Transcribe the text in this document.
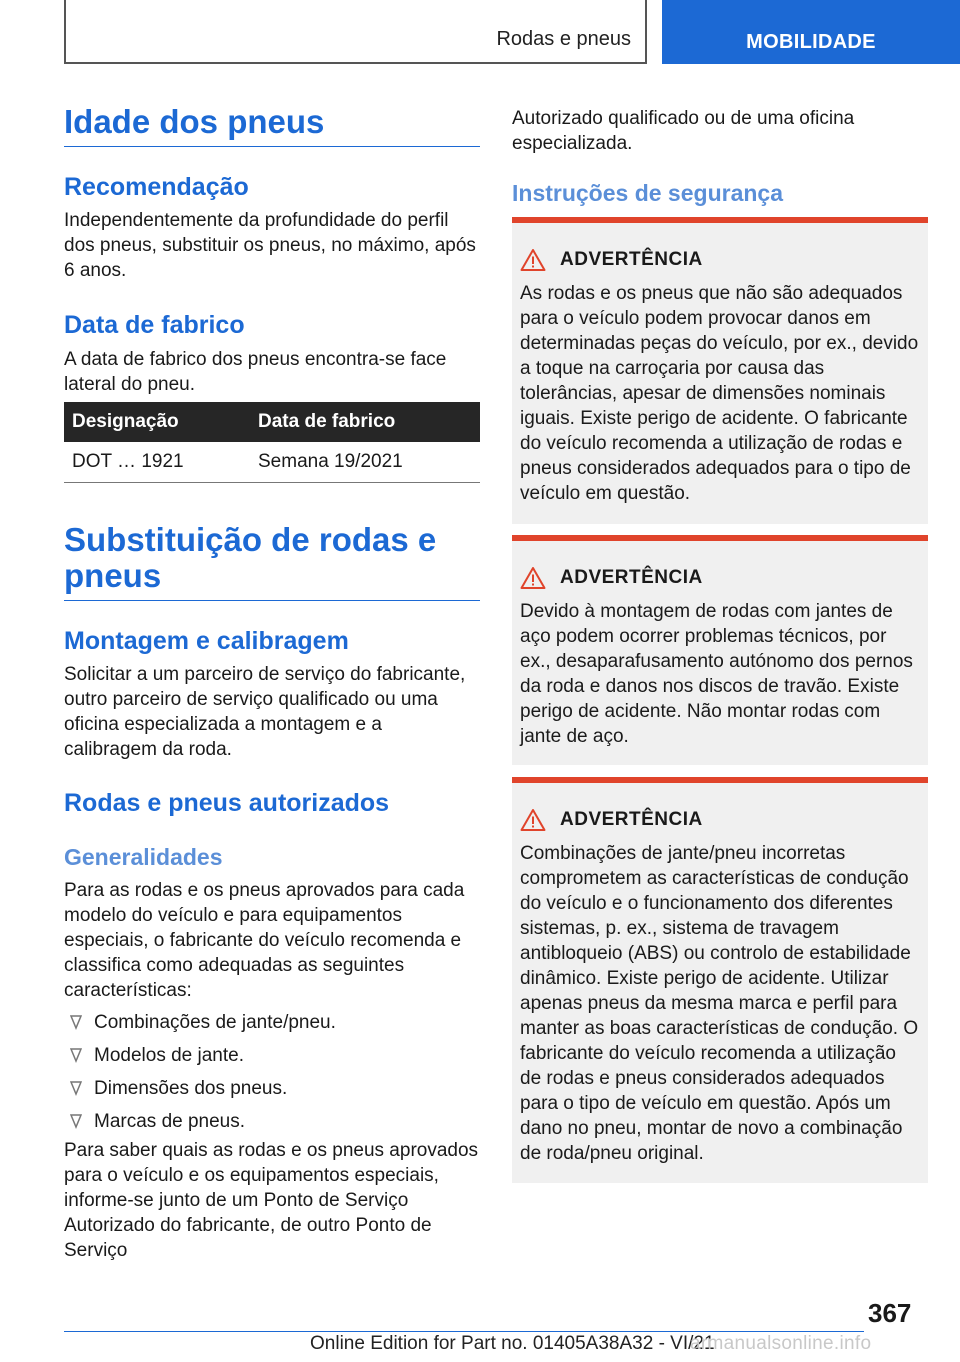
Rodas e pneus	MOBILIDADE
Idade dos pneus
Recomendação

Independentemente da profundidade do perfil dos pneus, substituir os pneus, no máximo, após 6 anos.

Data de fabrico

A data de fabrico dos pneus encontra-se face lateral do pneu.

Designação	Data de fabrico
DOT … 1921	Semana 19/2021
Substituição de rodas e pneus
Montagem e calibragem

Solicitar a um parceiro de serviço do fabricante, outro parceiro de serviço qualificado ou uma oficina especializada a montagem e a calibragem da roda.

Rodas e pneus autorizados
Generalidades

Para as rodas e os pneus aprovados para cada modelo do veículo e para equipamentos especiais, o fabricante do veículo recomenda e classifica como adequadas as seguintes características:

Combinações de jante/pneu.
Modelos de jante.
Dimensões dos pneus.
Marcas de pneus.

Para saber quais as rodas e os pneus aprovados para o veículo e os equipamentos especiais, informe-se junto de um Ponto de Serviço Autorizado do fabricante, de outro Ponto de Serviço

Autorizado qualificado ou de uma oficina especializada.

Instruções de segurança
ADVERTÊNCIA

As rodas e os pneus que não são adequados para o veículo podem provocar danos em determinadas peças do veículo, por ex., devido a toque na carroçaria por causa das tolerâncias, apesar de dimensões nominais iguais. Existe perigo de acidente. O fabricante do veículo recomenda a utilização de rodas e pneus considerados adequados para o tipo de veículo em questão.

ADVERTÊNCIA

Devido à montagem de rodas com jantes de aço podem ocorrer problemas técnicos, por ex., desaparafusamento autónomo dos pernos da roda e danos nos discos de travão. Existe perigo de acidente. Não montar rodas com jante de aço.

ADVERTÊNCIA

Combinações de jante/pneu incorretas comprometem as características de condução do veículo e o funcionamento dos diferentes sistemas, p. ex., sistema de travagem antibloqueio (ABS) ou controlo de estabilidade dinâmico. Existe perigo de acidente. Utilizar apenas pneus da mesma marca e perfil para manter as boas características de condução. O fabricante do veículo recomenda a utilização de rodas e pneus considerados adequados para o tipo de veículo em questão. Após um dano no pneu, montar de novo a combinação de roda/pneu original.

367
Online Edition for Part no. 01405A38A32 - VI/21
armanualsonline.info
